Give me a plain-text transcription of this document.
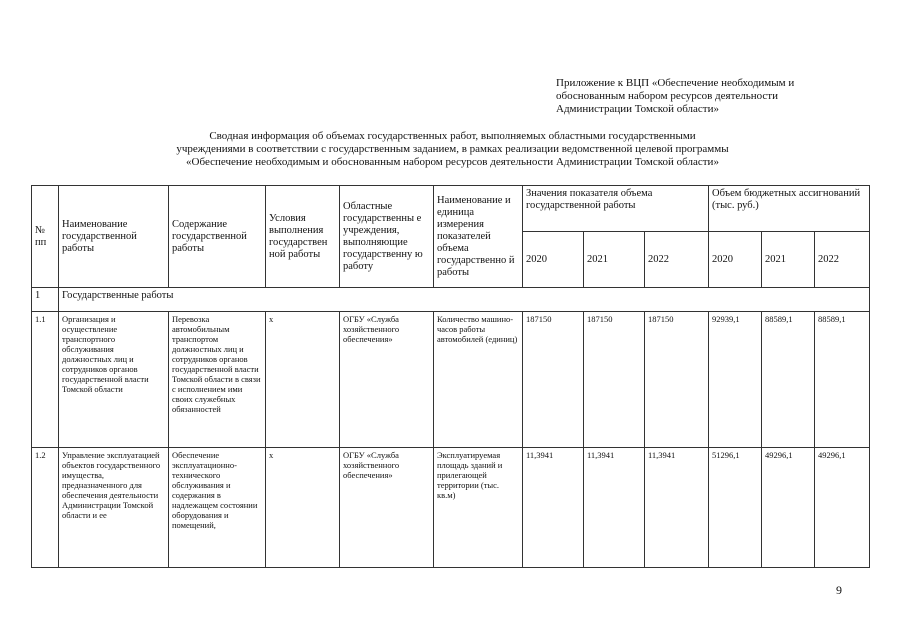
Приложение к ВЦП «Обеспечение необходимым и
обоснованным набором ресурсов деятельности
Администрации Томской области»
Сводная информация об объемах государственных работ, выполняемых областными государственными
учреждениями в соответствии с государственным заданием, в рамках реализации ведомственной целевой программы
«Обеспечение необходимым и обоснованным набором ресурсов деятельности Администрации Томской области»
№ пп	Наименование государственной работы	Содержание государственной работы	Условия выполнения государствен ной работы	Областные государственны е учреждения, выполняющие государственну ю работу	Наименование и единица измерения показателей объема государственно й работы	Значения показателя объема государственной работы			Объем бюджетных ассигнований (тыс. руб.)		
						2020	2021	2022	2020	2021	2022
1	Государственные работы										
1.1	Организация и осуществление транспортного обслуживания должностных лиц и сотрудников органов государственной власти Томской области	Перевозка автомобильным транспортом должностных лиц и сотрудников органов государственной власти Томской области в связи с исполнением ими своих служебных обязанностей	х	ОГБУ «Служба хозяйственного обеспечения»	Количество машино-часов работы автомобилей (единиц)	187150	187150	187150	92939,1	88589,1	88589,1
1.2	Управление эксплуатацией объектов государственного имущества, предназначенного для обеспечения деятельности Администрации Томской области и ее	Обеспечение эксплуатационно-технического обслуживания и содержания в надлежащем состоянии оборудования и помещений,	х	ОГБУ «Служба хозяйственного обеспечения»	Эксплуатируемая площадь зданий и прилегающей территории (тыс. кв.м)	11,3941	11,3941	11,3941	51296,1	49296,1	49296,1
9
